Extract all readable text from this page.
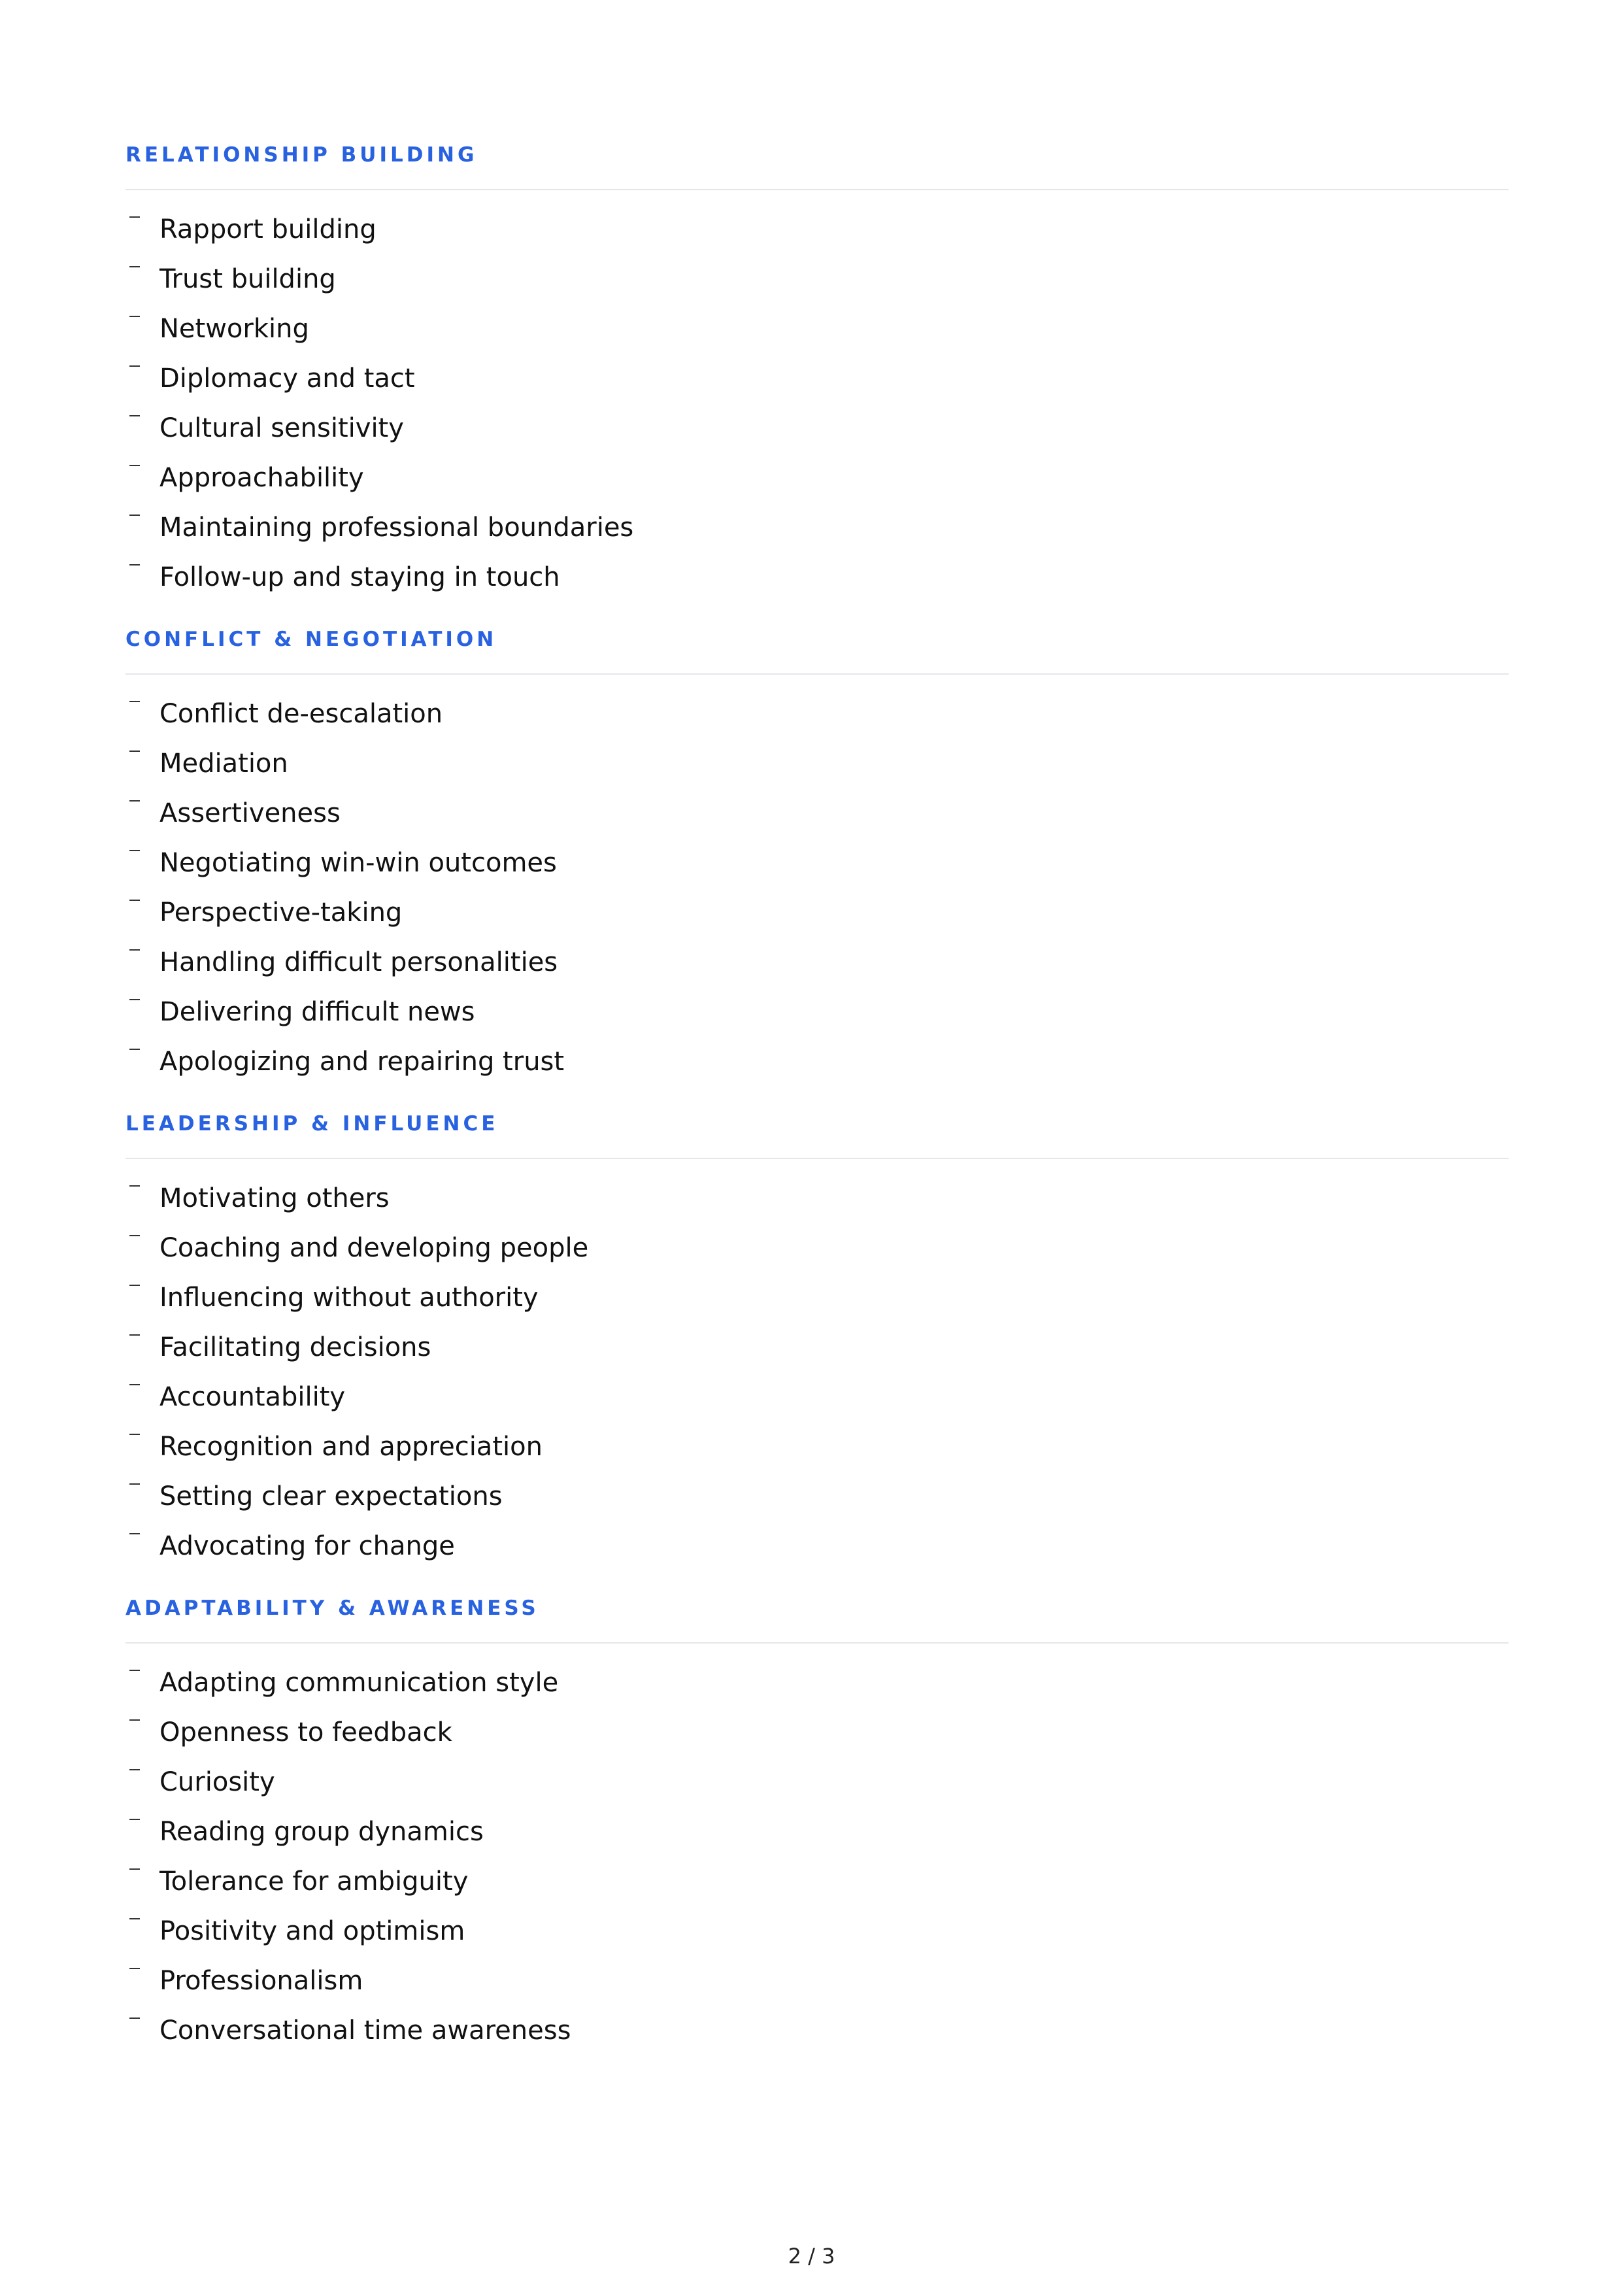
RELATIONSHIP BUILDING
Rapport building
Trust building
Networking
Diplomacy and tact
Cultural sensitivity
Approachability
Maintaining professional boundaries
Follow-up and staying in touch
CONFLICT & NEGOTIATION
Conflict de-escalation
Mediation
Assertiveness
Negotiating win-win outcomes
Perspective-taking
Handling difficult personalities
Delivering difficult news
Apologizing and repairing trust
LEADERSHIP & INFLUENCE
Motivating others
Coaching and developing people
Influencing without authority
Facilitating decisions
Accountability
Recognition and appreciation
Setting clear expectations
Advocating for change
ADAPTABILITY & AWARENESS
Adapting communication style
Openness to feedback
Curiosity
Reading group dynamics
Tolerance for ambiguity
Positivity and optimism
Professionalism
Conversational time awareness
2 / 3
